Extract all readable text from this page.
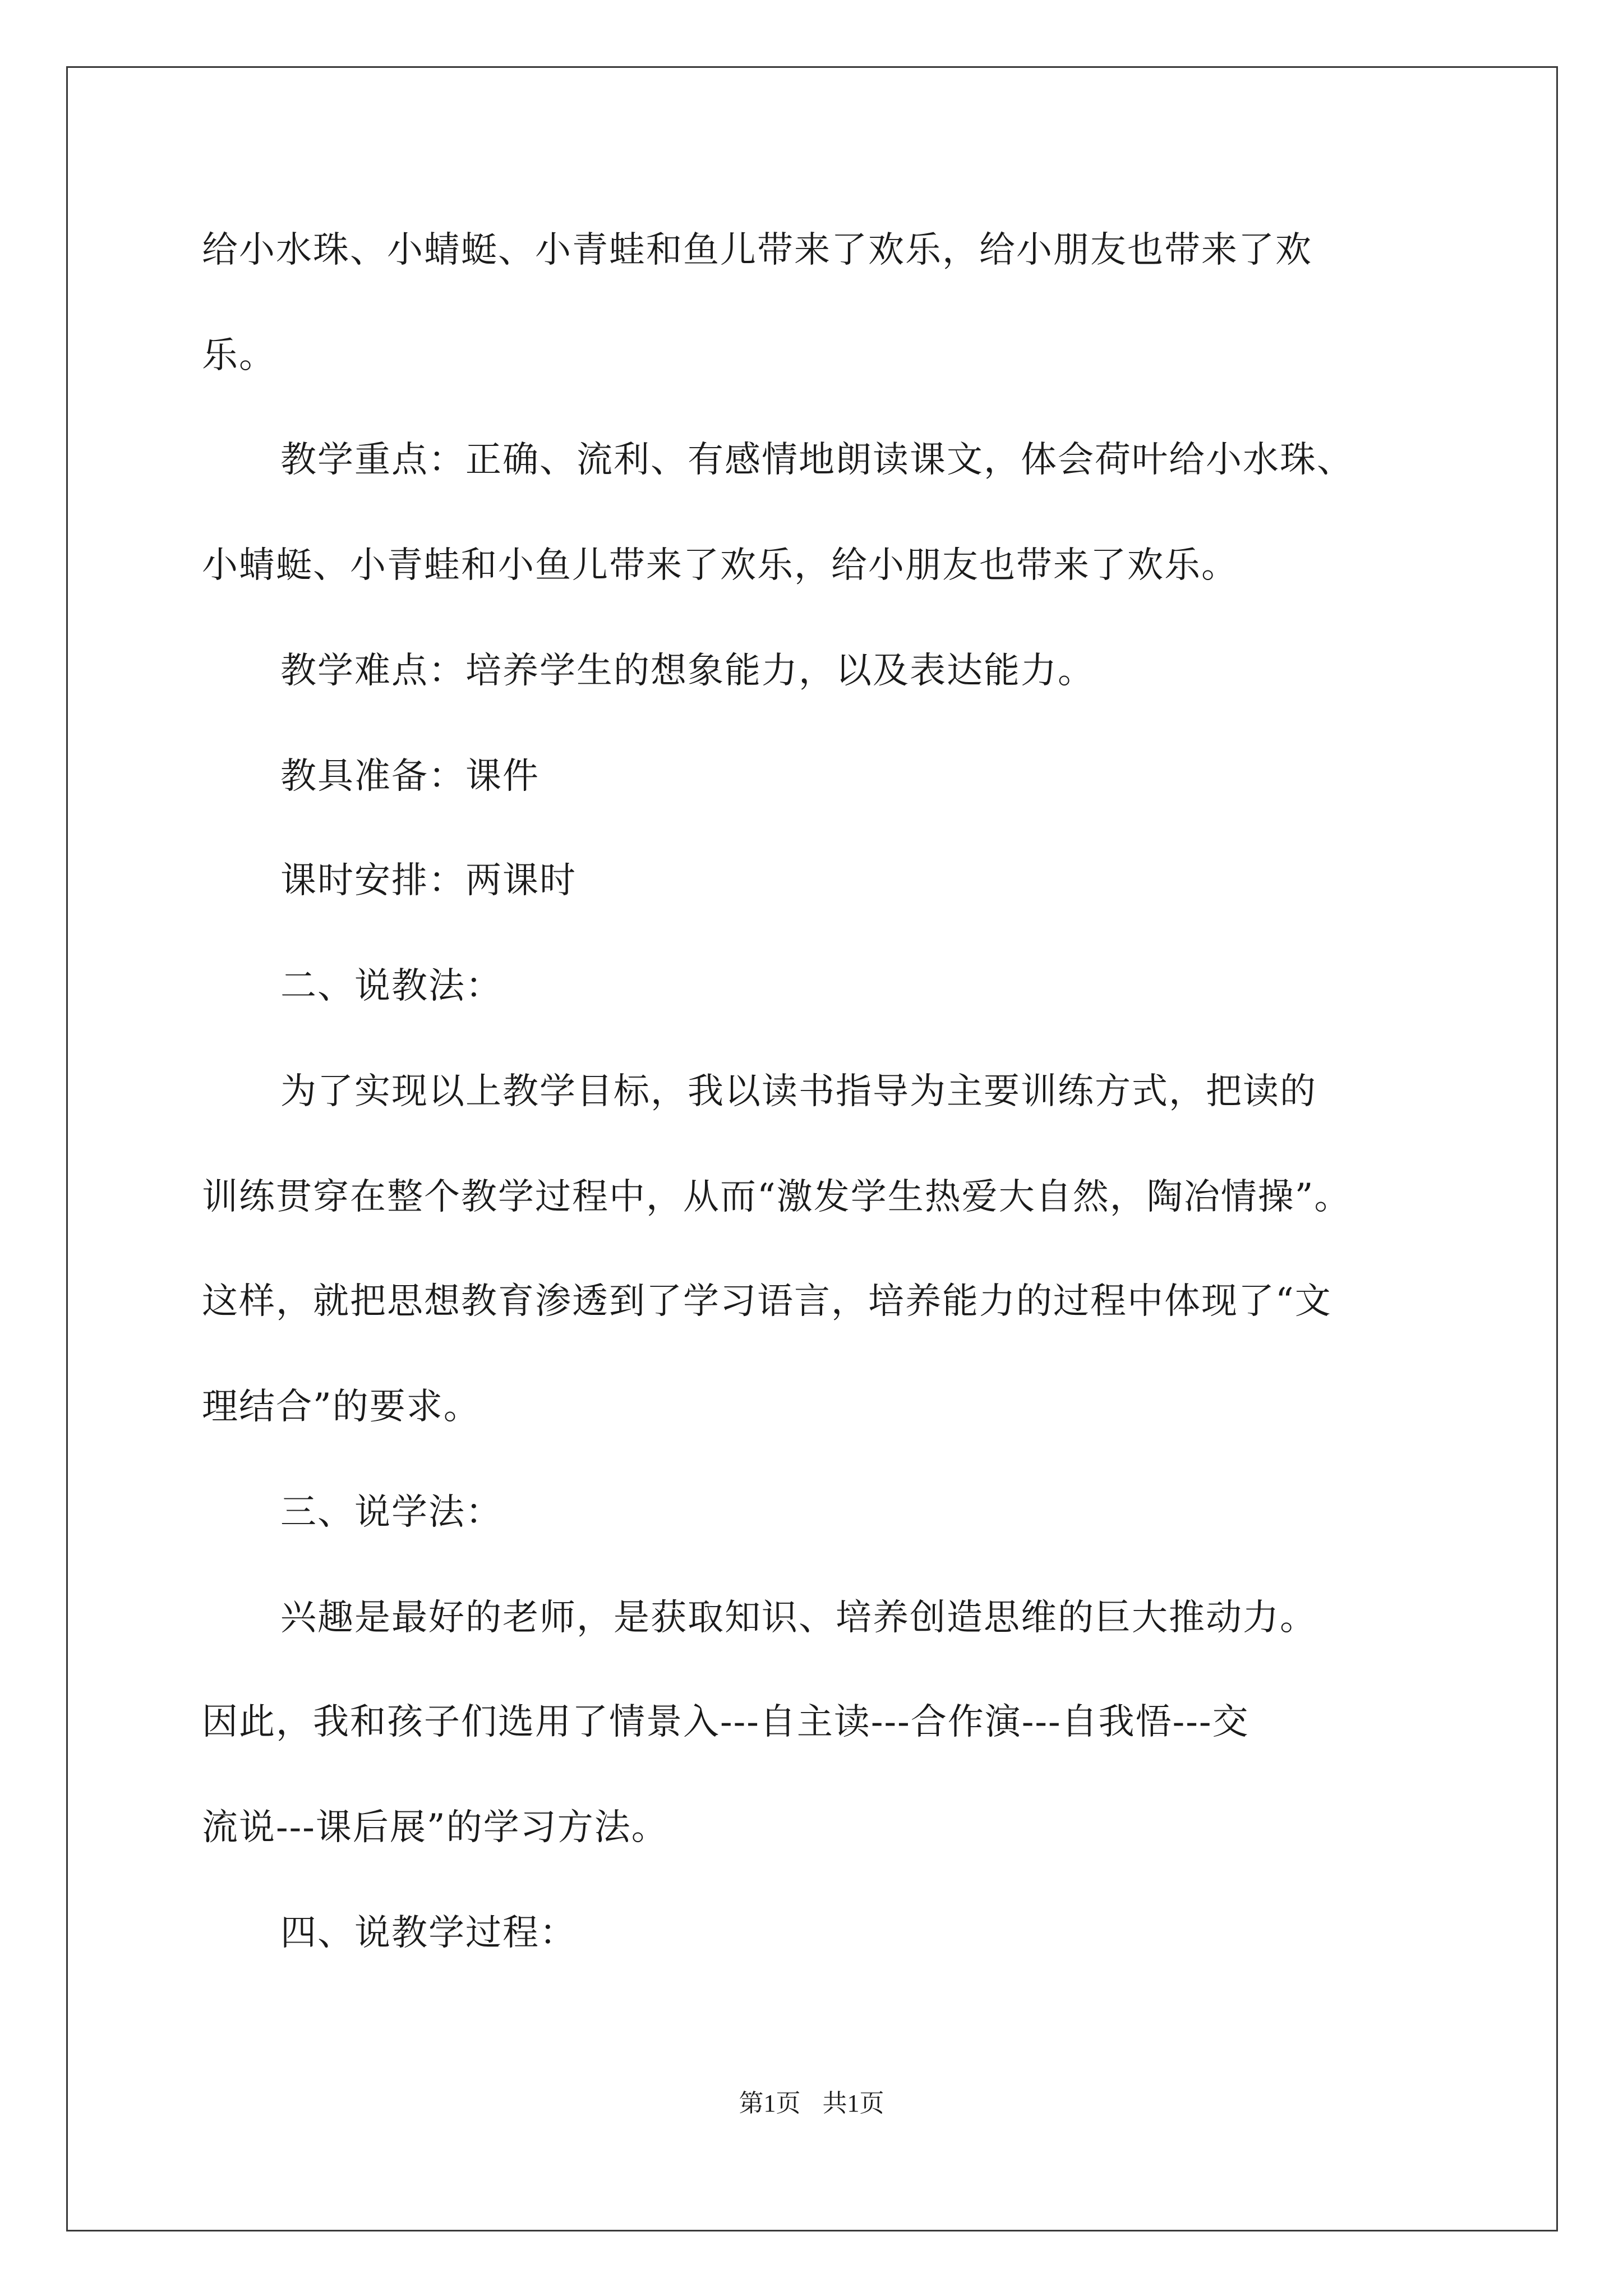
给小水珠、小蜻蜓、小青蛙和鱼儿带来了欢乐，给小朋友也带来了欢
乐。
教学重点：正确、流利、有感情地朗读课文，体会荷叶给小水珠、
小蜻蜓、小青蛙和小鱼儿带来了欢乐，给小朋友也带来了欢乐。
教学难点：培养学生的想象能力，以及表达能力。
教具准备：课件
课时安排：两课时
二、说教法：
为了实现以上教学目标，我以读书指导为主要训练方式，把读的
训练贯穿在整个教学过程中，从而“激发学生热爱大自然，陶冶情操”。
这样，就把思想教育渗透到了学习语言，培养能力的过程中体现了“文
理结合”的要求。
三、说学法：
兴趣是最好的老师，是获取知识、培养创造思维的巨大推动力。
因此，我和孩子们选用了情景入---自主读---合作演---自我悟---交
流说---课后展”的学习方法。
四、说教学过程：
第1页 共1页
